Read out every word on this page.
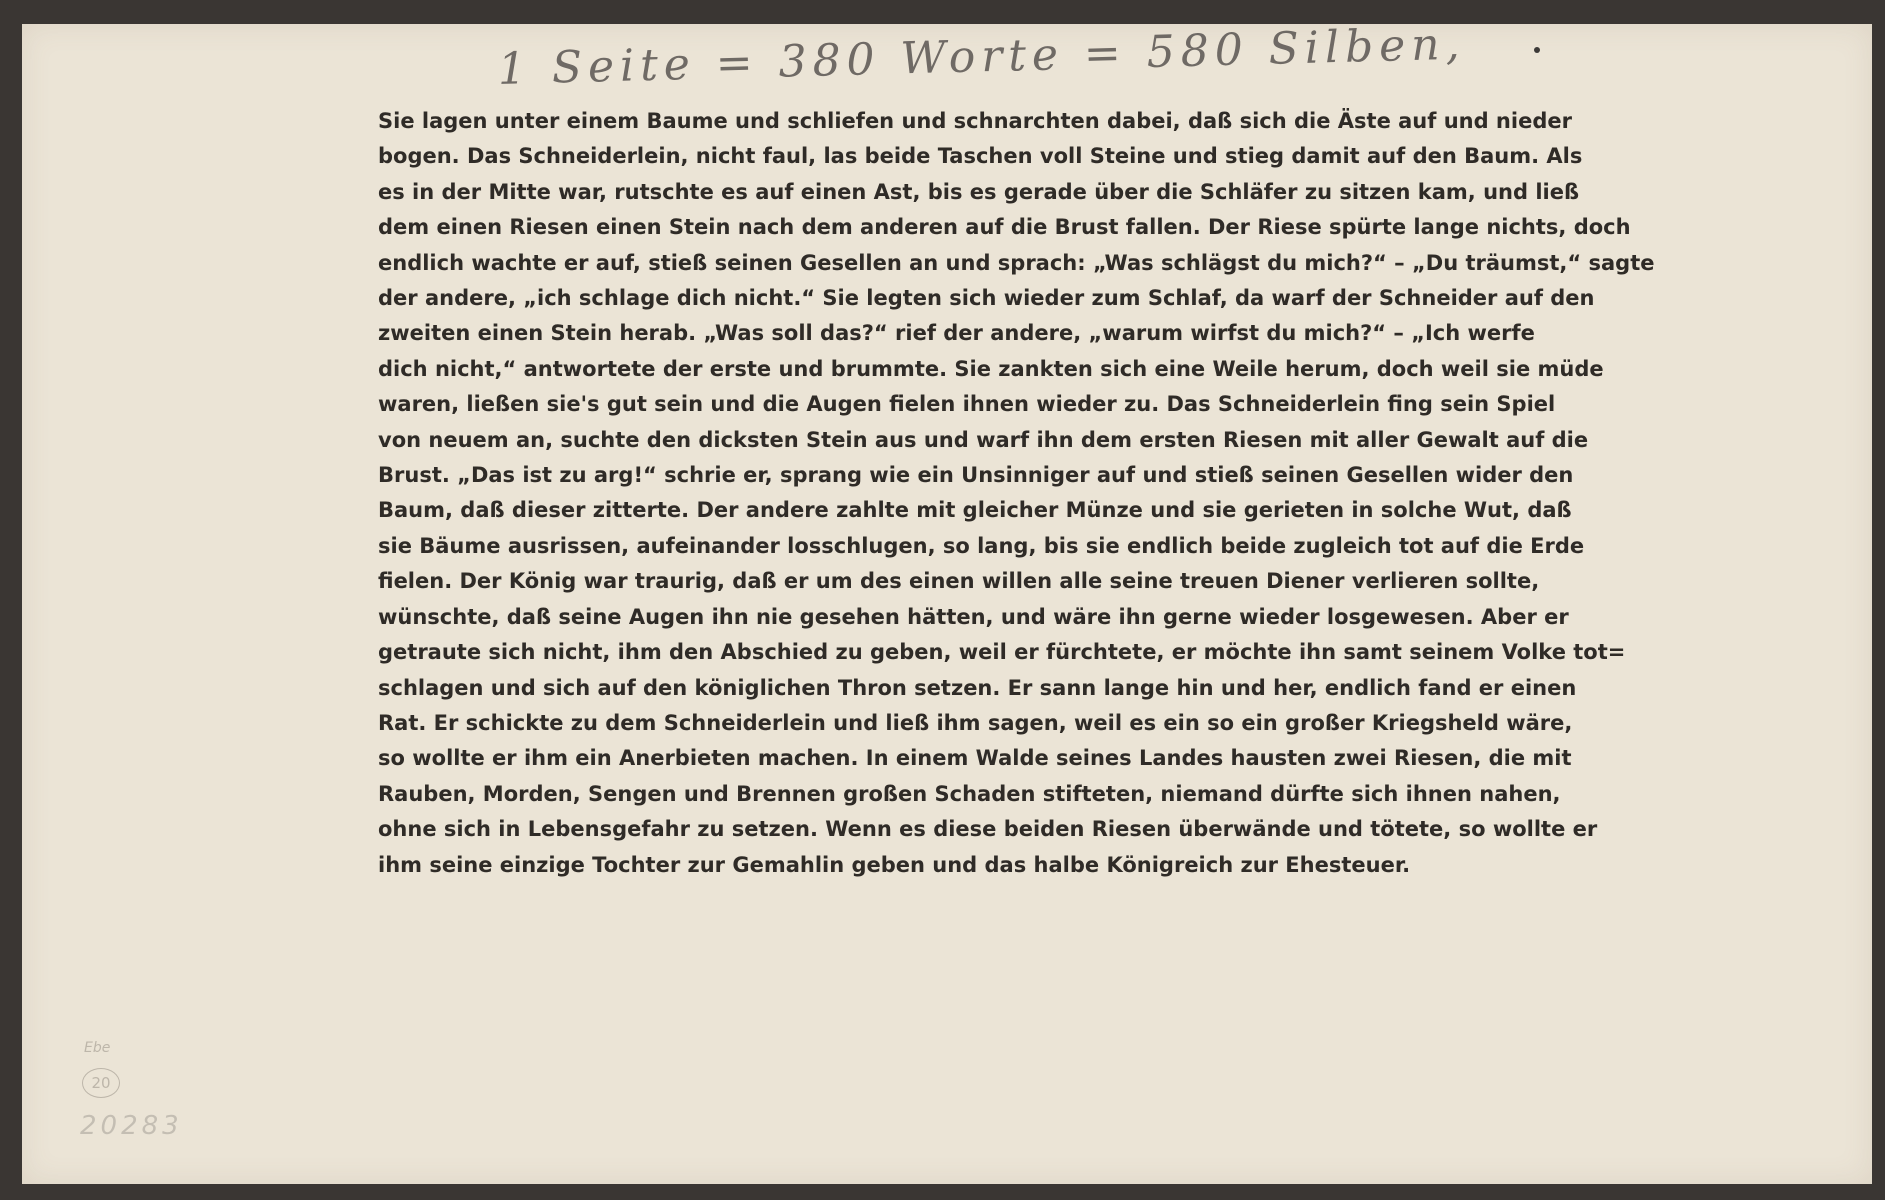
1 Seite = 380 Worte = 580 Silben,
Sie lagen unter einem Baume und schliefen und schnarchten dabei, daß sich die Äste auf und nieder
bogen. Das Schneiderlein, nicht faul, las beide Taschen voll Steine und stieg damit auf den Baum. Als
es in der Mitte war, rutschte es auf einen Ast, bis es gerade über die Schläfer zu sitzen kam, und ließ
dem einen Riesen einen Stein nach dem anderen auf die Brust fallen. Der Riese spürte lange nichts, doch
endlich wachte er auf, stieß seinen Gesellen an und sprach: „Was schlägst du mich?“ – „Du träumst,“ sagte
der andere, „ich schlage dich nicht.“ Sie legten sich wieder zum Schlaf, da warf der Schneider auf den
zweiten einen Stein herab. „Was soll das?“ rief der andere, „warum wirfst du mich?“ – „Ich werfe
dich nicht,“ antwortete der erste und brummte. Sie zankten sich eine Weile herum, doch weil sie müde
waren, ließen sie's gut sein und die Augen fielen ihnen wieder zu. Das Schneiderlein fing sein Spiel
von neuem an, suchte den dicksten Stein aus und warf ihn dem ersten Riesen mit aller Gewalt auf die
Brust. „Das ist zu arg!“ schrie er, sprang wie ein Unsinniger auf und stieß seinen Gesellen wider den
Baum, daß dieser zitterte. Der andere zahlte mit gleicher Münze und sie gerieten in solche Wut, daß
sie Bäume ausrissen, aufeinander losschlugen, so lang, bis sie endlich beide zugleich tot auf die Erde
fielen. Der König war traurig, daß er um des einen willen alle seine treuen Diener verlieren sollte,
wünschte, daß seine Augen ihn nie gesehen hätten, und wäre ihn gerne wieder losgewesen. Aber er
getraute sich nicht, ihm den Abschied zu geben, weil er fürchtete, er möchte ihn samt seinem Volke tot=
schlagen und sich auf den königlichen Thron setzen. Er sann lange hin und her, endlich fand er einen
Rat. Er schickte zu dem Schneiderlein und ließ ihm sagen, weil es ein so ein großer Kriegsheld wäre,
so wollte er ihm ein Anerbieten machen. In einem Walde seines Landes hausten zwei Riesen, die mit
Rauben, Morden, Sengen und Brennen großen Schaden stifteten, niemand dürfte sich ihnen nahen,
ohne sich in Lebensgefahr zu setzen. Wenn es diese beiden Riesen überwände und tötete, so wollte er
ihm seine einzige Tochter zur Gemahlin geben und das halbe Königreich zur Ehesteuer.
Ebe
20
20283
